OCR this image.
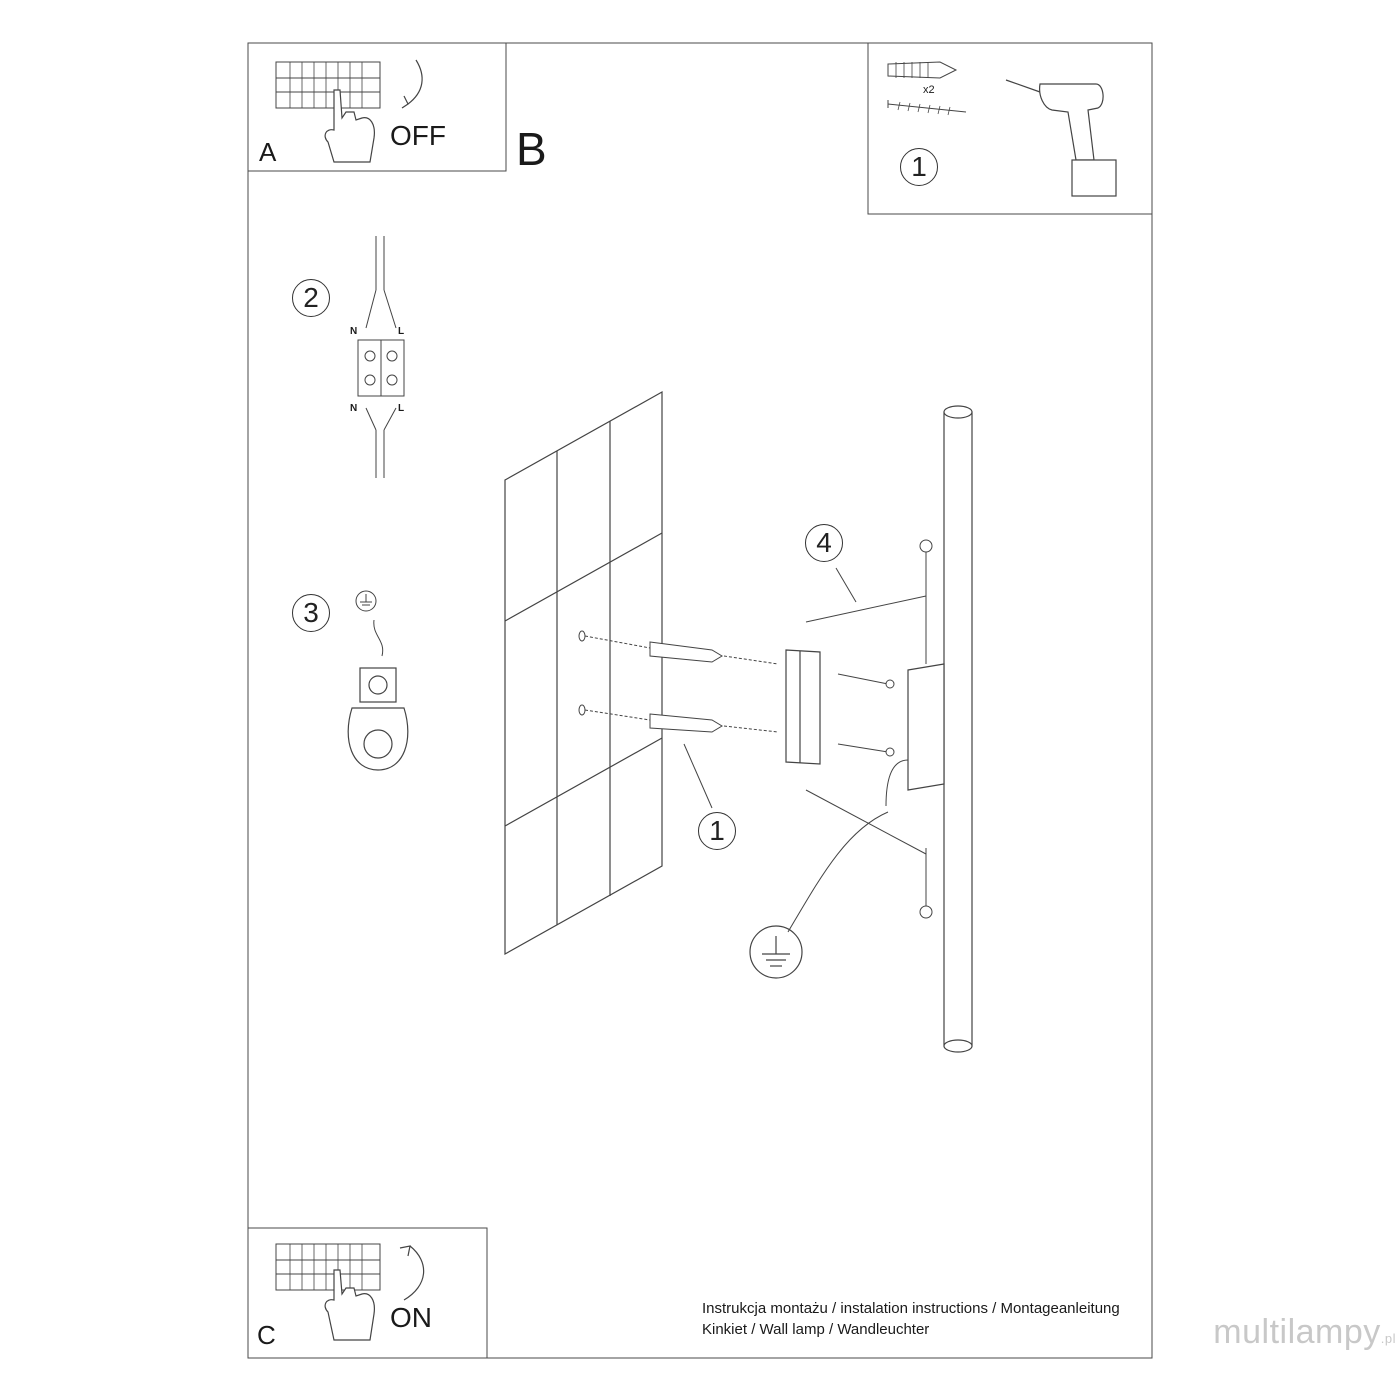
A
OFF B
C
ON
x2
1
2
3
1
4
N	L
N	L
Instrukcja montażu / instalation instructions / Montageanleitung
Kinkiet / Wall lamp / Wandleuchter	multilampy.pl
